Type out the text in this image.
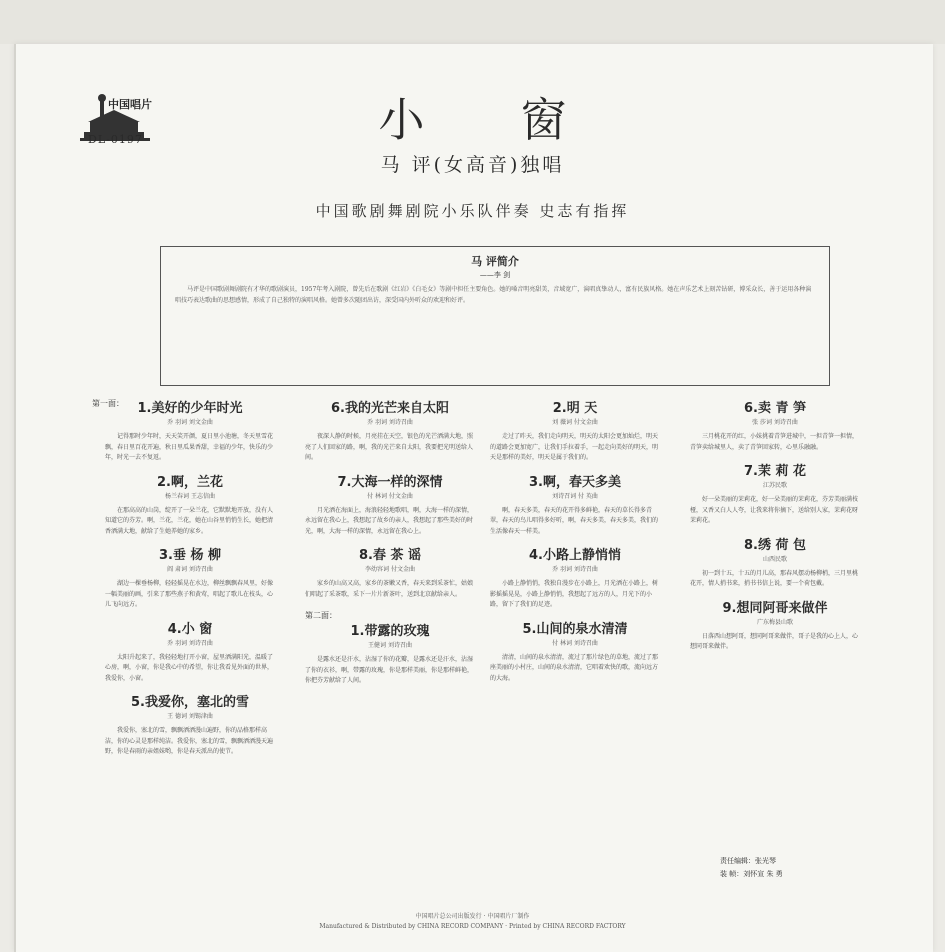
中国唱片
DL-0197	小窗
马 评(女高音)独唱
中国歌剧舞剧院小乐队伴奏 史志有指挥
马 评简介
——李 剑
马评是中国歌剧舞剧院有才华的歌剧演员，1957年考入剧院，曾先后在歌剧《红岩》《白毛女》等剧中担任主要角色。她的嗓音明亮甜美，音域宽广，演唱真挚动人，富有民族风格。她在声乐艺术上刻苦钻研，博采众长，善于运用各种演唱技巧表达歌曲的思想感情，形成了自己独特的演唱风格。她曾多次随团出访，深受国内外听众的欢迎和好评。
第一面：	1.美好的少年时光
乔 羽词 刘文金曲
记得那时少年时，天天笑开颜，夏日里小池塘，冬天里雪花飘，春日里百花开遍，秋日里瓜果香甜，幸福的少年，快乐的少年，时光一去不复返。
2.啊，兰花
杨兰春词 王志信曲
在那高高的山岗，绽开了一朵兰花，它默默地开放，没有人知道它的芬芳。啊，兰花，兰花，她在山谷里悄悄生长，她把清香洒满大地，献给了生她养她的家乡。
3.垂 杨 柳
阎 肃词 刘诗召曲
湖边一棵垂杨柳，轻轻摇晃在水边，柳丝飘飘春风里，好像一幅美丽的画，引来了那些燕子和黄莺，唱起了歌儿在枝头，心儿飞向远方。
4.小 窗
乔 羽词 刘诗召曲
太阳升起来了，我轻轻地打开小窗，屋里洒满阳光，温暖了心房，啊，小窗，你是我心中的希望，你让我看见外面的世界，我爱你，小窗。
5.我爱你，塞北的雪
王 德词 刘锡津曲
我爱你，塞北的雪，飘飘洒洒漫山遍野，你的品格那样高洁，你的心灵是那样纯洁。我爱你，塞北的雪，飘飘洒洒漫天遍野，你是春雨的亲姐妹哟，你是春天派出的使节。
6.我的光芒来自太阳
乔 羽词 刘诗召曲
夜深人静的时候，月亮挂在天空，银色的光芒洒满大地，照亮了人们回家的路，啊，我的光芒来自太阳，我要把光明送给人间。
7.大海一样的深情
付 林词 付文金曲
月光洒在海面上，海浪轻轻地歌唱，啊，大海一样的深情，永远留在我心上，我想起了故乡的亲人，我想起了那些美好的时光，啊，大海一样的深情，永远留在我心上。
8.春 茶 谣
李幼容词 付文金曲
家乡的山高又高，家乡的茶嫩又香，春天来到采茶忙，姑娘们唱起了采茶歌，采下一片片新茶叶，送到北京献给亲人。
第二面：
1.带露的玫瑰
王健词 刘诗召曲
是露水还是汗水，沾湿了你的花瓣，是露水还是汗水，沾湿了你的衣衫，啊，带露的玫瑰，你是那样美丽，你是那样鲜艳，你把芬芳献给了人间。
2.明 天
刘 薇词 付文金曲
走过了昨天，我们走向明天，明天的太阳会更加灿烂，明天的道路会更加宽广，让我们手拉着手，一起走向美好的明天，明天是那样的美好，明天是属于我们的。
3.啊，春天多美
刘诗召词 付 英曲
啊，春天多美，春天的花开得多鲜艳，春天的草长得多青翠，春天的鸟儿唱得多好听，啊，春天多美，春天多美，我们的生活像春天一样美。
4.小路上静悄悄
乔 羽词 刘诗召曲
小路上静悄悄，我独自漫步在小路上，月光洒在小路上，树影摇摇晃晃，小路上静悄悄，我想起了远方的人，月光下的小路，留下了我们的足迹。
5.山间的泉水清清
付 林词 刘诗召曲
清清，山间的泉水清清，流过了那片绿色的草地，流过了那座美丽的小村庄，山间的泉水清清，它唱着欢快的歌，流向远方的大海。
6.卖 青 笋
张 莎词 刘诗召曲
三月桃花开的红，小妹挑着青笋进城中，一担青笋一担情，青笋卖给城里人，卖了青笋回家转，心里乐融融。
7.茉 莉 花
江苏民歌
好一朵美丽的茉莉花，好一朵美丽的茉莉花，芬芳美丽满枝桠，又香又白人人夸，让我来将你摘下，送给别人家，茉莉花呀茉莉花。
8.绣 荷 包
山西民歌
初一到十五，十五的月儿高，那春风摆动杨柳梢，三月里桃花开，情人捎书来，捎书书信上说，要一个荷包戴。
9.想同阿哥来做伴
广东梅县山歌
日落西山想阿哥，想同阿哥来做伴，哥子是我的心上人，心想同哥来做伴。
责任编辑：张光琴
装 帧：刘怀宣 朱 勇
中国唱片总公司出版发行 · 中国唱片厂制作
Manufactured & Distributed by CHINA RECORD COMPANY · Printed by CHINA RECORD FACTORY
